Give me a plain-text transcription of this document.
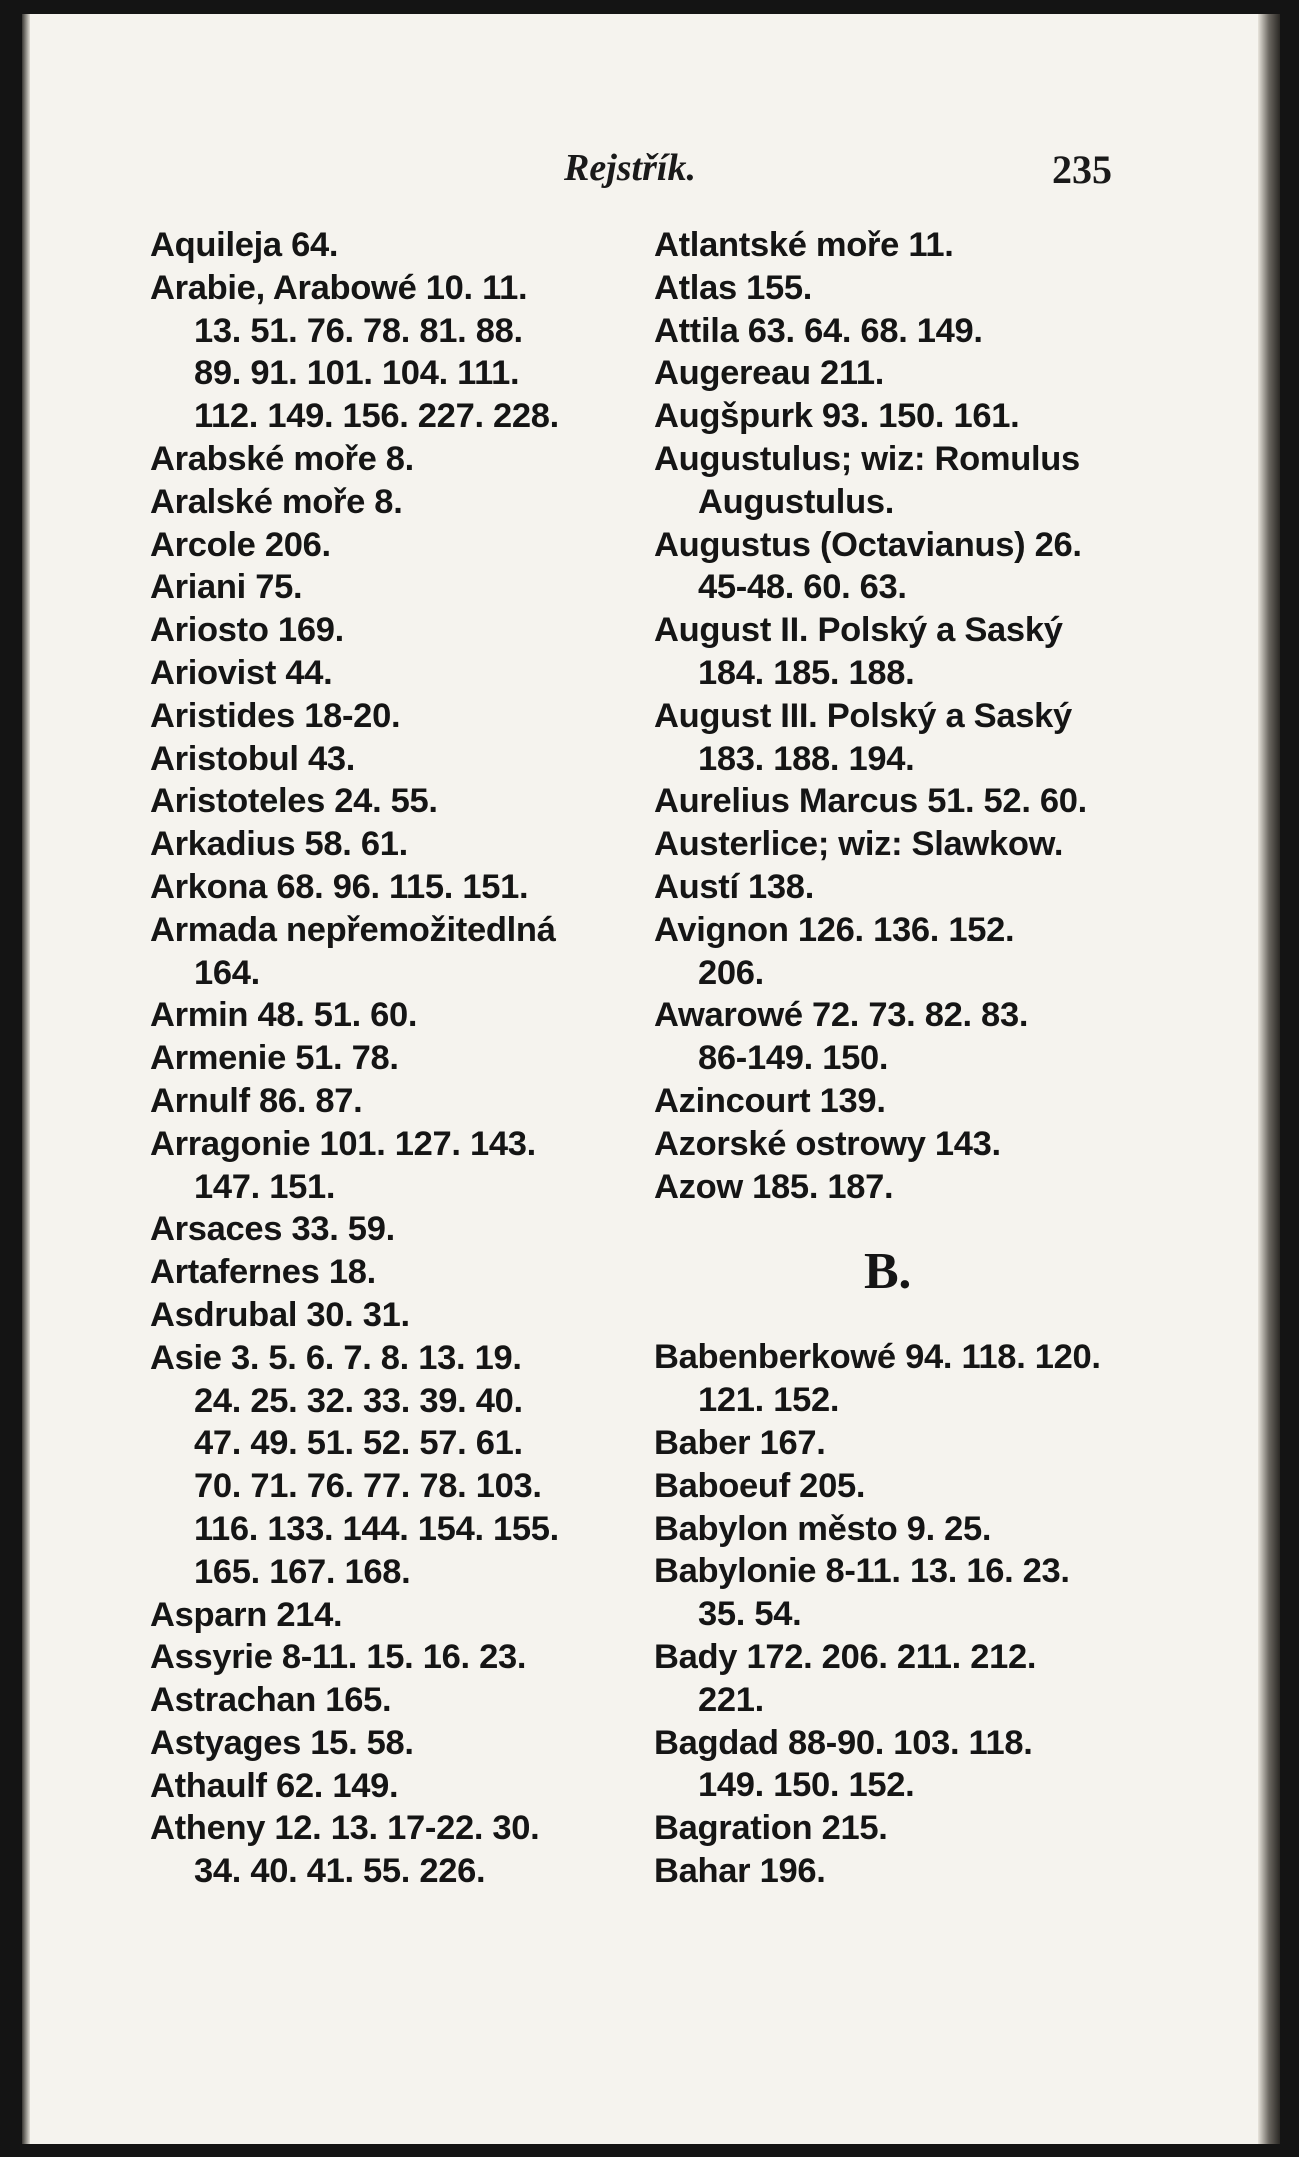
Rejstřík.	235
Aquileja 64.
Arabie, Arabowé 10. 11.
13. 51. 76. 78. 81. 88.
89. 91. 101. 104. 111.
112. 149. 156. 227. 228.
Arabské moře 8.
Aralské moře 8.
Arcole 206.
Ariani 75.
Ariosto 169.
Ariovist 44.
Aristides 18-20.
Aristobul 43.
Aristoteles 24. 55.
Arkadius 58. 61.
Arkona 68. 96. 115. 151.
Armada nepřemožitedlná
164.
Armin 48. 51. 60.
Armenie 51. 78.
Arnulf 86. 87.
Arragonie 101. 127. 143.
147. 151.
Arsaces 33. 59.
Artafernes 18.
Asdrubal 30. 31.
Asie 3. 5. 6. 7. 8. 13. 19.
24. 25. 32. 33. 39. 40.
47. 49. 51. 52. 57. 61.
70. 71. 76. 77. 78. 103.
116. 133. 144. 154. 155.
165. 167. 168.
Asparn 214.
Assyrie 8-11. 15. 16. 23.
Astrachan 165.
Astyages 15. 58.
Athaulf 62. 149.
Atheny 12. 13. 17-22. 30.
34. 40. 41. 55. 226.
Atlantské moře 11.
Atlas 155.
Attila 63. 64. 68. 149.
Augereau 211.
Augšpurk 93. 150. 161.
Augustulus; wiz: Romulus
Augustulus.
Augustus (Octavianus) 26.
45-48. 60. 63.
August II. Polský a Saský
184. 185. 188.
August III. Polský a Saský
183. 188. 194.
Aurelius Marcus 51. 52. 60.
Austerlice; wiz: Slawkow.
Austí 138.
Avignon 126. 136. 152.
206.
Awarowé 72. 73. 82. 83.
86-149. 150.
Azincourt 139.
Azorské ostrowy 143.
Azow 185. 187.
B.
Babenberkowé 94. 118. 120.
121. 152.
Baber 167.
Baboeuf 205.
Babylon město 9. 25.
Babylonie 8-11. 13. 16. 23.
35. 54.
Bady 172. 206. 211. 212.
221.
Bagdad 88-90. 103. 118.
149. 150. 152.
Bagration 215.
Bahar 196.
